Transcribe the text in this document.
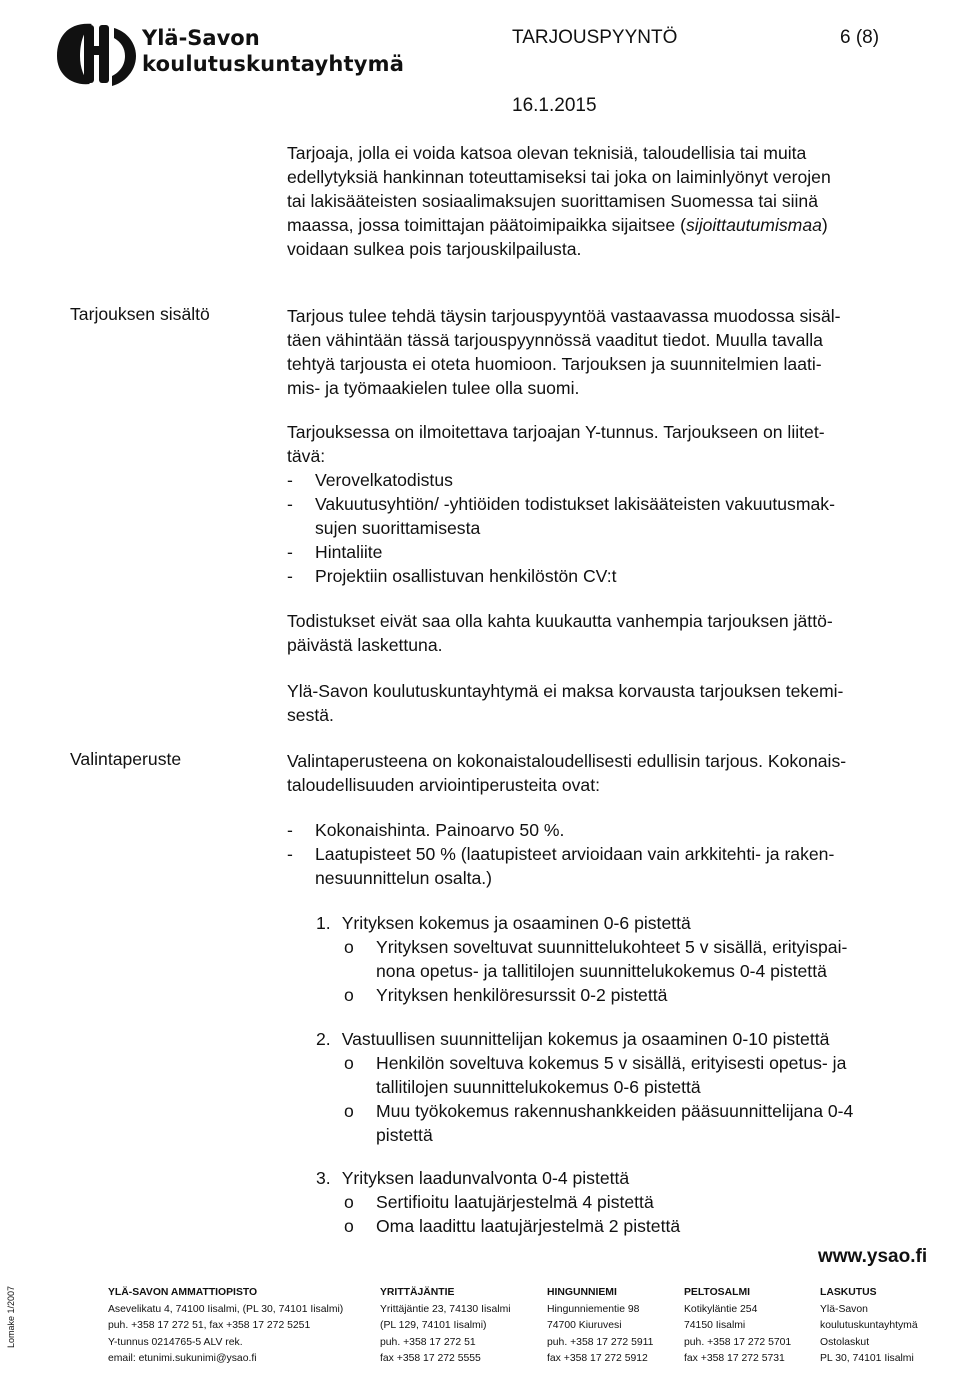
Ylä-Savon
koulutuskuntayhtymä
TARJOUSPYYNTÖ	6 (8)
16.1.2015
Tarjoaja, jolla ei voida katsoa olevan teknisiä, taloudellisia tai muita
edellytyksiä hankinnan toteuttamiseksi tai joka on laiminlyönyt verojen
tai lakisääteisten sosiaalimaksujen suorittamisen Suomessa tai siinä
maassa, jossa toimittajan päätoimipaikka sijaitsee (sijoittautumismaa)
voidaan sulkea pois tarjouskilpailusta.
Tarjouksen sisältö	Tarjous tulee tehdä täysin tarjouspyyntöä vastaavassa muodossa sisäl-
täen vähintään tässä tarjouspyynnössä vaaditut tiedot. Muulla tavalla
tehtyä tarjousta ei oteta huomioon. Tarjouksen ja suunnitelmien laati-
mis- ja työmaakielen tulee olla suomi.
Tarjouksessa on ilmoitettava tarjoajan Y-tunnus. Tarjoukseen on liitet-
tävä:
- Verovelkatodistus
- Vakuutusyhtiön/ -yhtiöiden todistukset lakisääteisten vakuutusmak-
sujen suorittamisesta
- Hintaliite
- Projektiin osallistuvan henkilöstön CV:t
Todistukset eivät saa olla kahta kuukautta vanhempia tarjouksen jättö-
päivästä laskettuna.
Ylä-Savon koulutuskuntayhtymä ei maksa korvausta tarjouksen tekemi-
sestä.
Valintaperuste	Valintaperusteena on kokonaistaloudellisesti edullisin tarjous. Kokonais-
taloudellisuuden arviointiperusteita ovat:
- Kokonaishinta. Painoarvo 50 %.
- Laatupisteet 50 % (laatupisteet arvioidaan vain arkkitehti- ja raken-
nesuunnittelun osalta.)
1. Yrityksen kokemus ja osaaminen 0-6 pistettä
o Yrityksen soveltuvat suunnittelukohteet 5 v sisällä, erityispai-
nona opetus- ja tallitilojen suunnittelukokemus 0-4 pistettä
o Yrityksen henkilöresurssit 0-2 pistettä
2. Vastuullisen suunnittelijan kokemus ja osaaminen 0-10 pistettä
o Henkilön soveltuva kokemus 5 v sisällä, erityisesti opetus- ja
tallitilojen suunnittelukokemus 0-6 pistettä
o Muu työkokemus rakennushankkeiden pääsuunnittelijana 0-4
pistettä
3. Yrityksen laadunvalvonta 0-4 pistettä
o Sertifioitu laatujärjestelmä 4 pistettä
o Oma laadittu laatujärjestelmä 2 pistettä
www.ysao.fi
Lomake 1/2007	YLÄ-SAVON AMMATTIOPISTO
Asevelikatu 4, 74100 Iisalmi, (PL 30, 74101 Iisalmi)
puh. +358 17 272 51, fax +358 17 272 5251
Y-tunnus 0214765-5 ALV rek.
email: etunimi.sukunimi@ysao.fi
YRITTÄJÄNTIE
Yrittäjäntie 23, 74130 Iisalmi
(PL 129, 74101 Iisalmi)
puh. +358 17 272 51
fax +358 17 272 5555
HINGUNNIEMI
Hingunniementie 98
74700 Kiuruvesi
puh. +358 17 272 5911
fax +358 17 272 5912
PELTOSALMI
Kotikyläntie 254
74150 Iisalmi
puh. +358 17 272 5701
fax +358 17 272 5731
LASKUTUS
Ylä-Savon
koulutuskuntayhtymä
Ostolaskut
PL 30, 74101 Iisalmi
